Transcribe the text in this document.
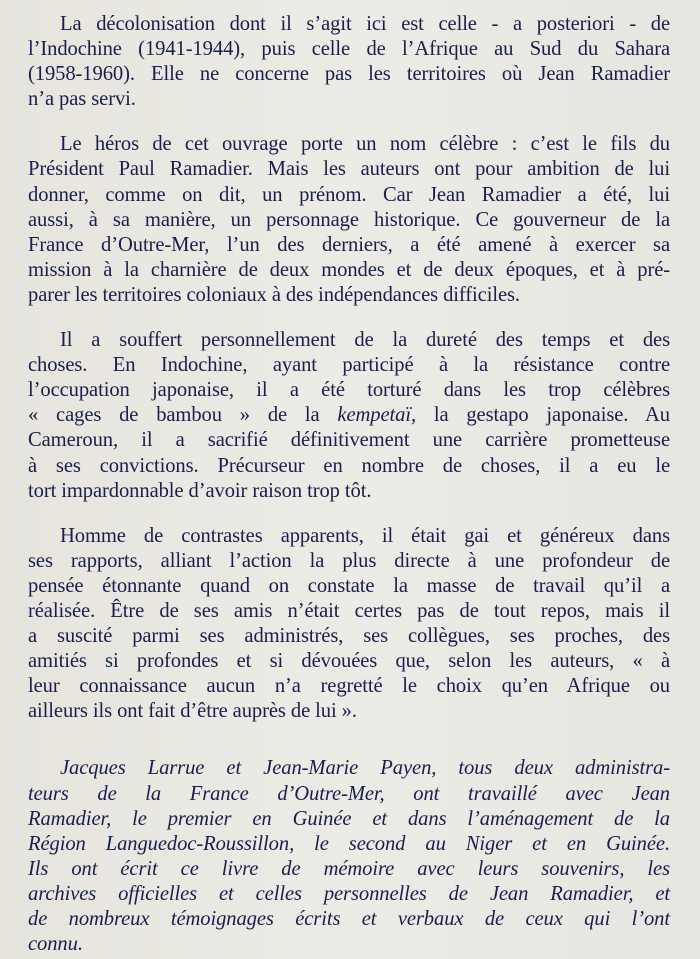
La décolonisation dont il s’agit ici est celle - a posteriori - de
l’Indochine (1941-1944), puis celle de l’Afrique au Sud du Sahara
(1958-1960). Elle ne concerne pas les territoires où Jean Ramadier
n’a pas servi.

Le héros de cet ouvrage porte un nom célèbre : c’est le fils du
Président Paul Ramadier. Mais les auteurs ont pour ambition de lui
donner, comme on dit, un prénom. Car Jean Ramadier a été, lui
aussi, à sa manière, un personnage historique. Ce gouverneur de la
France d’Outre-Mer, l’un des derniers, a été amené à exercer sa
mission à la charnière de deux mondes et de deux époques, et à pré-
parer les territoires coloniaux à des indépendances difficiles.

Il a souffert personnellement de la dureté des temps et des
choses. En Indochine, ayant participé à la résistance contre
l’occupation japonaise, il a été torturé dans les trop célèbres
« cages de bambou » de la kempetaï, la gestapo japonaise. Au
Cameroun, il a sacrifié définitivement une carrière prometteuse
à ses convictions. Précurseur en nombre de choses, il a eu le
tort impardonnable d’avoir raison trop tôt.

Homme de contrastes apparents, il était gai et généreux dans
ses rapports, alliant l’action la plus directe à une profondeur de
pensée étonnante quand on constate la masse de travail qu’il a
réalisée. Être de ses amis n’était certes pas de tout repos, mais il
a suscité parmi ses administrés, ses collègues, ses proches, des
amitiés si profondes et si dévouées que, selon les auteurs, « à
leur connaissance aucun n’a regretté le choix qu’en Afrique ou
ailleurs ils ont fait d’être auprès de lui ».

Jacques Larrue et Jean-Marie Payen, tous deux administra-
teurs de la France d’Outre-Mer, ont travaillé avec Jean
Ramadier, le premier en Guinée et dans l’aménagement de la
Région Languedoc-Roussillon, le second au Niger et en Guinée.
Ils ont écrit ce livre de mémoire avec leurs souvenirs, les
archives officielles et celles personnelles de Jean Ramadier, et
de nombreux témoignages écrits et verbaux de ceux qui l’ont
connu.
